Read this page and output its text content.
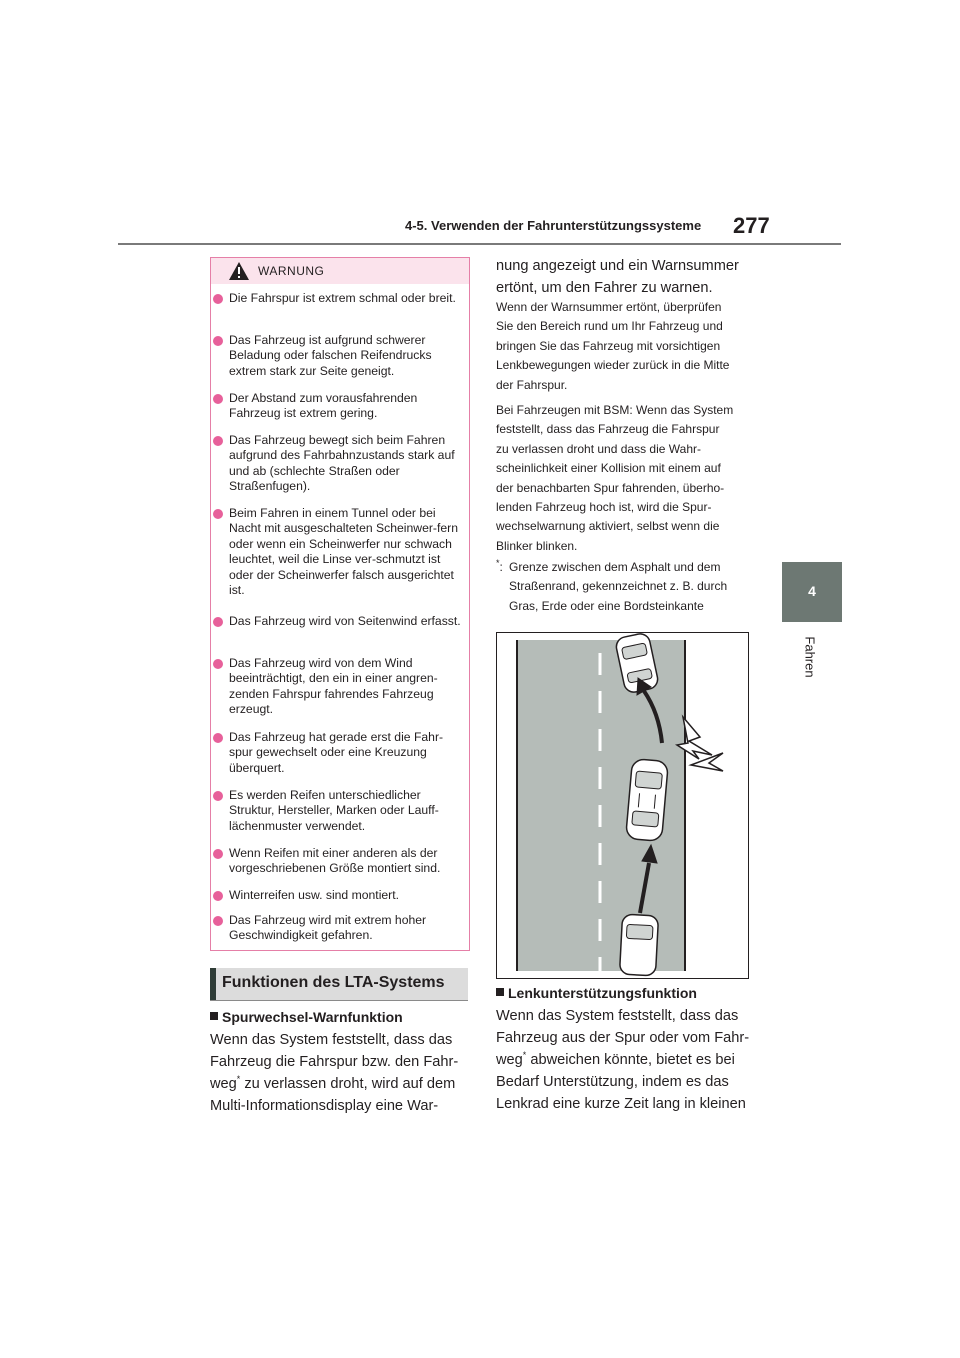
4-5. Verwenden der Fahrunterstützungssysteme 277
4
Fahren
WARNUNG
Die Fahrspur ist extrem schmal oder breit.
Das Fahrzeug ist aufgrund schwerer Beladung oder falschen Reifendrucks extrem stark zur Seite geneigt.
Der Abstand zum vorausfahrenden Fahrzeug ist extrem gering.
Das Fahrzeug bewegt sich beim Fahren aufgrund des Fahrbahnzustands stark auf und ab (schlechte Straßen oder Straßenfugen).
Beim Fahren in einem Tunnel oder bei Nacht mit ausgeschalteten Scheinwer-fern oder wenn ein Scheinwerfer nur schwach leuchtet, weil die Linse ver-schmutzt ist oder der Scheinwerfer falsch ausgerichtet ist.
Das Fahrzeug wird von Seitenwind erfasst.
Das Fahrzeug wird von dem Wind beeinträchtigt, den ein in einer angren-zenden Fahrspur fahrendes Fahrzeug erzeugt.
Das Fahrzeug hat gerade erst die Fahr-spur gewechselt oder eine Kreuzung überquert.
Es werden Reifen unterschiedlicher Struktur, Hersteller, Marken oder Lauff-lächenmuster verwendet.
Wenn Reifen mit einer anderen als der vorgeschriebenen Größe montiert sind.
Winterreifen usw. sind montiert.
Das Fahrzeug wird mit extrem hoher Geschwindigkeit gefahren.
Funktionen des LTA-Systems
Spurwechsel-Warnfunktion
Wenn das System feststellt, dass das
Fahrzeug die Fahrspur bzw. den Fahr-
weg* zu verlassen droht, wird auf dem
Multi-Informationsdisplay eine War-
nung angezeigt und ein Warnsummer
ertönt, um den Fahrer zu warnen.
Wenn der Warnsummer ertönt, überprüfen
Sie den Bereich rund um Ihr Fahrzeug und
bringen Sie das Fahrzeug mit vorsichtigen
Lenkbewegungen wieder zurück in die Mitte
der Fahrspur.
Bei Fahrzeugen mit BSM: Wenn das System
feststellt, dass das Fahrzeug die Fahrspur
zu verlassen droht und dass die Wahr-
scheinlichkeit einer Kollision mit einem auf
der benachbarten Spur fahrenden, überho-
lenden Fahrzeug hoch ist, wird die Spur-
wechselwarnung aktiviert, selbst wenn die
Blinker blinken.
*: Grenze zwischen dem Asphalt und dem
Straßenrand, gekennzeichnet z. B. durch
Gras, Erde oder eine Bordsteinkante
Lenkunterstützungsfunktion
Wenn das System feststellt, dass das
Fahrzeug aus der Spur oder vom Fahr-
weg* abweichen könnte, bietet es bei
Bedarf Unterstützung, indem es das
Lenkrad eine kurze Zeit lang in kleinen
